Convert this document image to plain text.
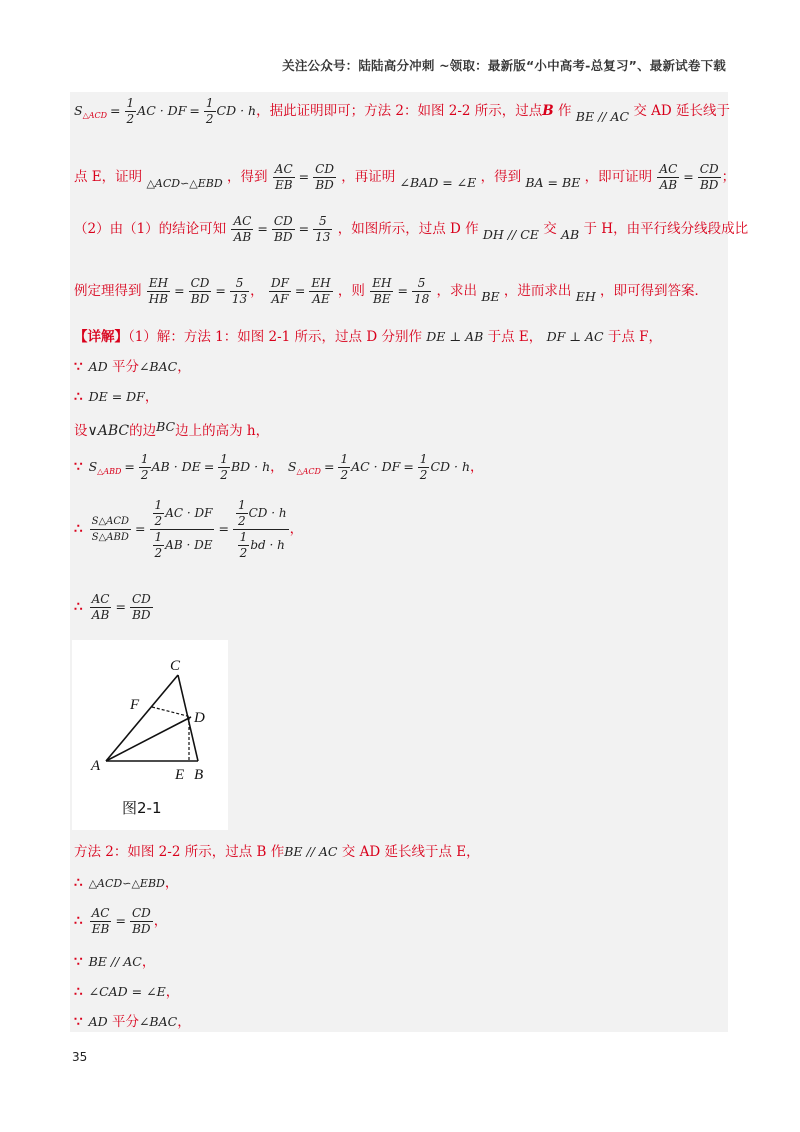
关注公众号：陆陆高分冲刺 ~领取：最新版“小中高考-总复习”、最新试卷下载
$S_{\triangle ACD} = \frac{1}{2}$ AC · DF = $\frac{1}{2}$ CD · h，据此证明即可；方法 2：如图 2-2 所示，过点B 作 BE // AC 交 AD 延长线于
点 E，证明 $_{\triangle ACD∽\triangle EBD}$ ，得到 $\frac{AC}{EB} = \frac{CD}{BD}$ ，再证明 ∠BAD = ∠E ，得到 BA = BE ，即可证明 $\frac{AC}{AB} = \frac{CD}{BD}$ ；
（2）由（1）的结论可知 $\frac{AC}{AB} = \frac{CD}{BD} = \frac{5}{13}$ ，如图所示，过点 D 作 DH // CE 交 AB 于 H，由平行线分线段成比
例定理得到 $\frac{EH}{HB} = \frac{CD}{BD} = \frac{5}{13}$ ， $\frac{DF}{AF} = \frac{EH}{AE}$ ，则 $\frac{EH}{BE} = \frac{5}{18}$ ，求出 BE ，进而求出 EH ，即可得到答案．
【详解】（1）解：方法 1：如图 2-1 所示，过点 D 分别作 DE ⊥ AB 于点 E， DF ⊥ AC 于点 F，
∵ AD 平分∠BAC，
∴ DE = DF，
设∨ABC的边BC边上的高为 h，
∵ $S_{\triangle ABD} = \frac{1}{2}$ AB · DE = $\frac{1}{2}$ BD · h， $S_{\triangle ACD} = \frac{1}{2}$ AC · DF = $\frac{1}{2}$ CD · h，
∴ $\frac{\text{S△ACD}}{\text{S△ABD}} = \frac{\frac{1}{2} AC \cdot DF}{\frac{1}{2} AB \cdot DE} = \frac{\frac{1}{2} CD \cdot h}{\frac{1}{2} bd \cdot h}$ ，
∴ $\frac{AC}{AB} = \frac{CD}{BD}$
C
F
D
A
E B
图2-1
方法 2：如图 2-2 所示，过点 B 作BE // AC 交 AD 延长线于点 E，
∴ △ACD∽△EBD，
∴ $\frac{AC}{EB} = \frac{CD}{BD}$ ，
∵ BE // AC，
∴ ∠CAD = ∠E，
∵ AD 平分∠BAC，
35
